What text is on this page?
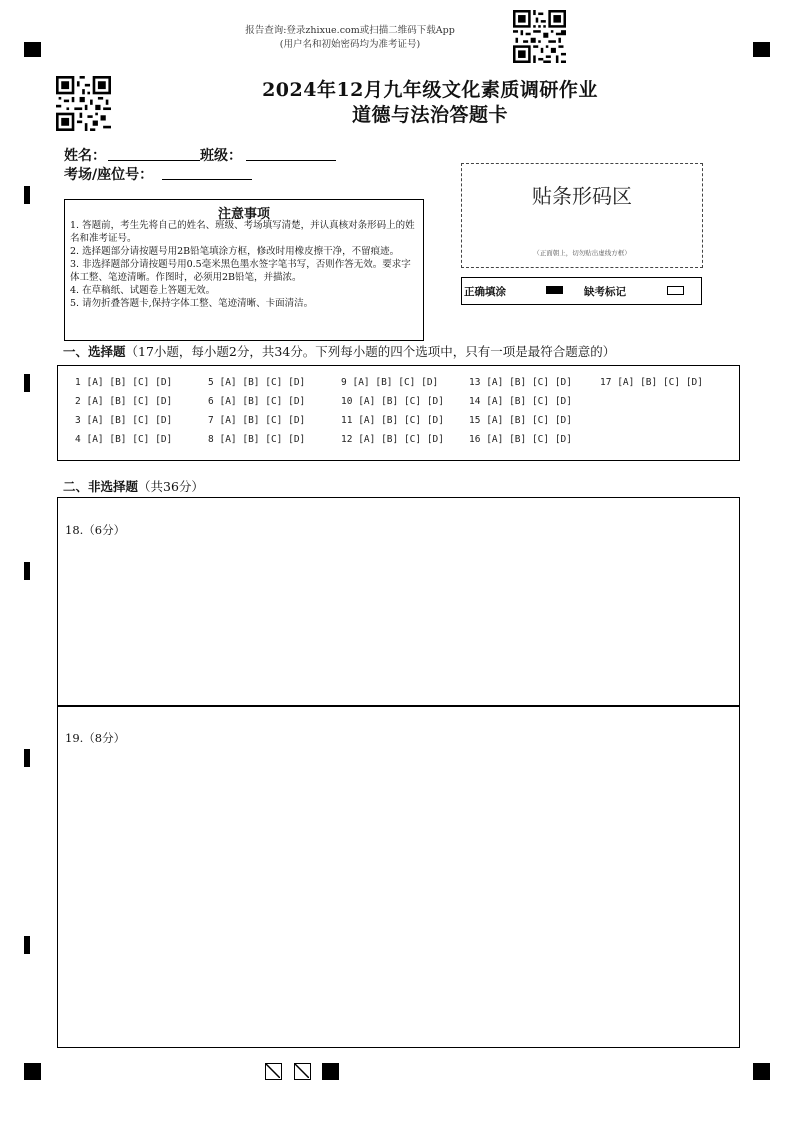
报告查询:登录zhixue.com或扫描二维码下载App
(用户名和初始密码均为准考证号)
2024年12月九年级文化素质调研作业
道德与法治答题卡
姓名：	班级：
考场/座位号：
贴条形码区
（正面朝上，切勿贴出虚线方框）
正确填涂	缺考标记
注意事项
1. 答题前，考生先将自己的姓名、班级、考场填写清楚，并认真核对条形码上的姓名和准考证号。
2. 选择题部分请按题号用2B铅笔填涂方框，修改时用橡皮擦干净，不留痕迹。
3. 非选择题部分请按题号用0.5毫米黑色墨水签字笔书写，否则作答无效。要求字体工整、笔迹清晰。作图时，必须用2B铅笔，并描浓。
4. 在草稿纸、试题卷上答题无效。
5. 请勿折叠答题卡,保持字体工整、笔迹清晰、卡面清洁。
一、选择题（17小题，每小题2分，共34分。下列每小题的四个选项中，只有一项是最符合题意的）
1 [A] [B] [C] [D]
2 [A] [B] [C] [D]
3 [A] [B] [C] [D]
4 [A] [B] [C] [D]
5 [A] [B] [C] [D]
6 [A] [B] [C] [D]
7 [A] [B] [C] [D]
8 [A] [B] [C] [D]
9 [A] [B] [C] [D]
10 [A] [B] [C] [D]
11 [A] [B] [C] [D]
12 [A] [B] [C] [D]
13 [A] [B] [C] [D]
14 [A] [B] [C] [D]
15 [A] [B] [C] [D]
16 [A] [B] [C] [D]
17 [A] [B] [C] [D]
二、非选择题（共36分）
18.（6分）
19.（8分）
